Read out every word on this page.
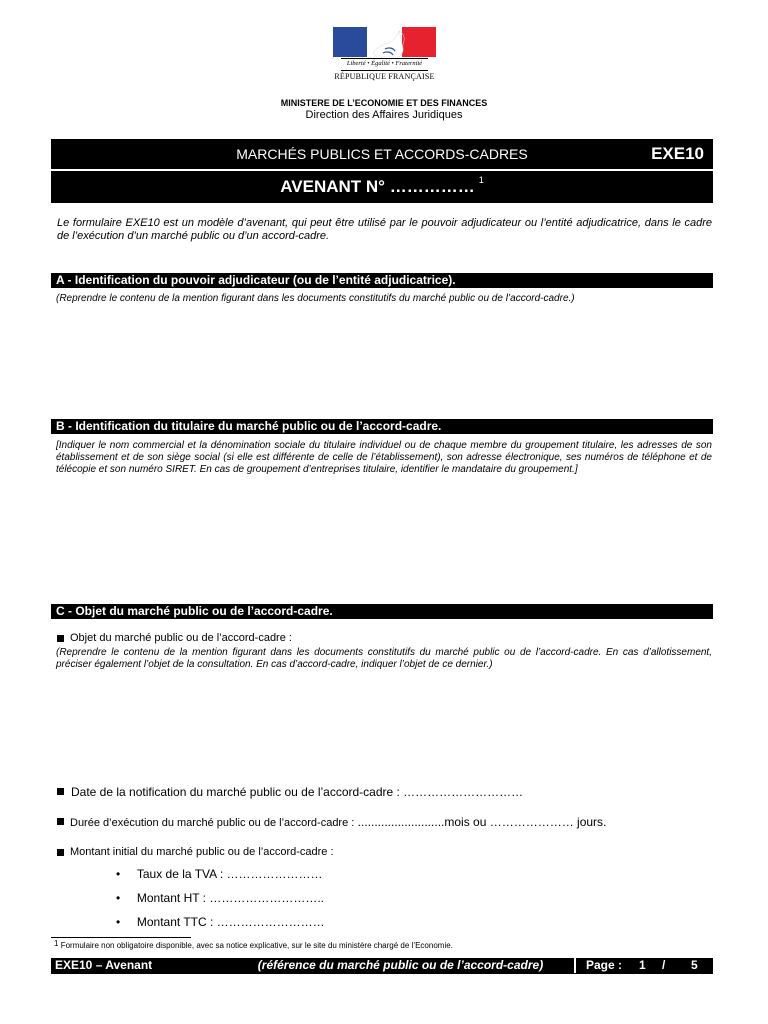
Liberté • Égalité • Fraternité
RÉPUBLIQUE FRANÇAISE
MINISTERE DE L’ECONOMIE ET DES FINANCES
Direction des Affaires Juridiques
MARCHÉS PUBLICS ET ACCORDS-CADRES	EXE10
AVENANT N° …………… $^1$
Le formulaire EXE10 est un modèle d’avenant, qui peut être utilisé par le pouvoir adjudicateur ou l’entité adjudicatrice, dans le cadre de l’exécution d’un marché public ou d’un accord-cadre.
A - Identification du pouvoir adjudicateur (ou de l’entité adjudicatrice).
(Reprendre le contenu de la mention figurant dans les documents constitutifs du marché public ou de l’accord-cadre.)
B - Identification du titulaire du marché public ou de l’accord-cadre.
[Indiquer le nom commercial et la dénomination sociale du titulaire individuel ou de chaque membre du groupement titulaire, les adresses de son établissement et de son siège social (si elle est différente de celle de l’établissement), son adresse électronique, ses numéros de téléphone et de télécopie et son numéro SIRET. En cas de groupement d’entreprises titulaire, identifier le mandataire du groupement.]
C - Objet du marché public ou de l’accord-cadre.
Objet du marché public ou de l’accord-cadre :
(Reprendre le contenu de la mention figurant dans les documents constitutifs du marché public ou de l’accord-cadre. En cas d’allotissement, préciser également l’objet de la consultation. En cas d’accord-cadre, indiquer l’objet de ce dernier.)
Date de la notification du marché public ou de l’accord-cadre : …………………………
Durée d’exécution du marché public ou de l’accord-cadre : ..........................mois ou ………………… jours.
Montant initial du marché public ou de l’accord-cadre :
•     Taux de la TVA : ……………………
•     Montant HT : ………………………..
•     Montant TTC : ………………………
$^1$ Formulaire non obligatoire disponible, avec sa notice explicative, sur le site du ministère chargé de l’Economie.
EXE10 – Avenant	(référence du marché public ou de l’accord-cadre)	Page : 1 / 5
